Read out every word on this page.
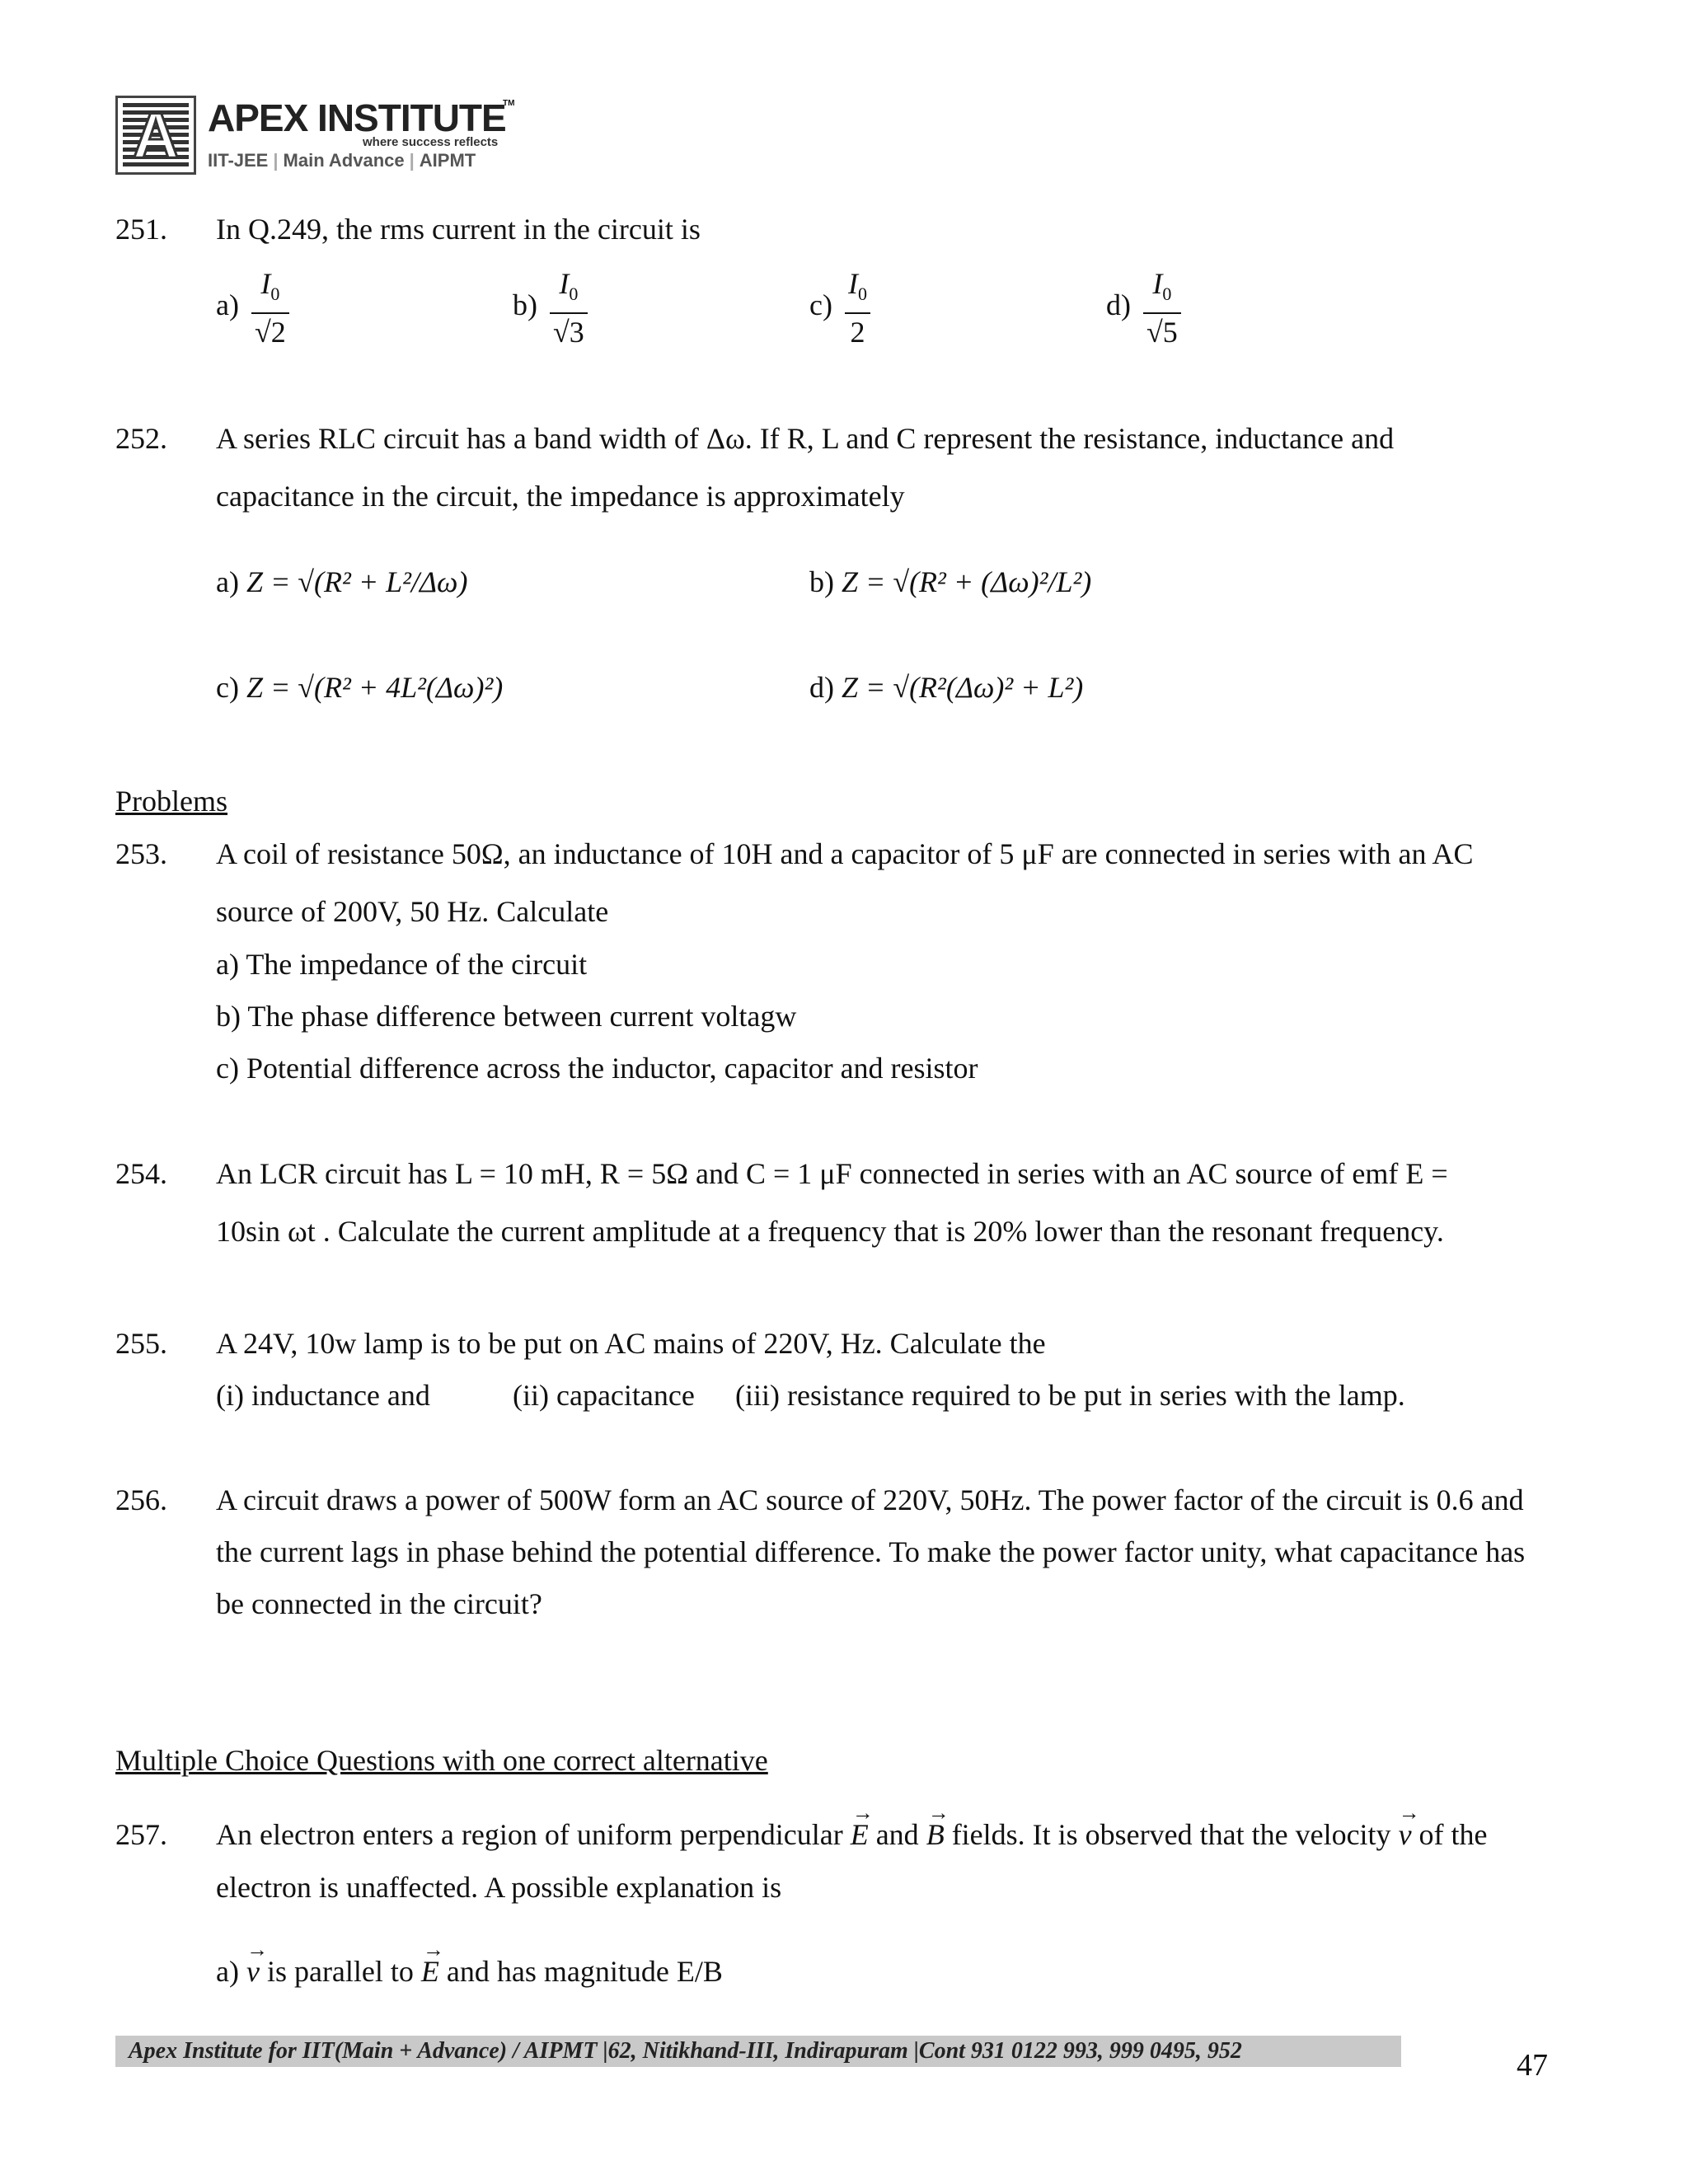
A APEX INSTITUTE
TM
where success reflects
IIT-JEE | Main Advance | AIPMT
251. In Q.249, the rms current in the circuit is
$a) \frac{I_0}{√2}$	$b) \frac{I_0}{√3}$	$c) \frac{I_0}{2}$	$d) \frac{I_0}{√5}$
252. A series RLC circuit has a band width of Δω. If R, L and C represent the resistance, inductance and
capacitance in the circuit, the impedance is approximately
a) Z = √(R² + L²/Δω)	b) Z = √(R² + (Δω)²/L²)
c) Z = √(R² + 4L²(Δω)²)	d) Z = √(R²(Δω)² + L²)
Problems
253. A coil of resistance 50Ω, an inductance of 10H and a capacitor of 5 μF are connected in series with an AC
source of 200V, 50 Hz. Calculate
a) The impedance of the circuit
b) The phase difference between current voltagw
c) Potential difference across the inductor, capacitor and resistor
254. An LCR circuit has L = 10 mH, R = 5Ω and C = 1 μF connected in series with an AC source of emf E =
10sin ωt . Calculate the current amplitude at a frequency that is 20% lower than the resonant frequency.
255. A 24V, 10w lamp is to be put on AC mains of 220V, Hz. Calculate the
(i) inductance and	(ii) capacitance (iii) resistance required to be put in series with the lamp.
256. A circuit draws a power of 500W form an AC source of 220V, 50Hz. The power factor of the circuit is 0.6 and
the current lags in phase behind the potential difference. To make the power factor unity, what capacitance has
be connected in the circuit?
Multiple Choice Questions with one correct alternative
257. An electron enters a region of uniform perpendicular
→
E and
→
B fields. It is observed that the velocity
→
v of the
electron is unaffected. A possible explanation is
a)
→
v is parallel to
→
E and has magnitude E/B
Apex Institute for IIT(Main + Advance) / AIPMT |62, Nitikhand-III, Indirapuram |Cont 931 0122 993, 999 0495, 952	47
